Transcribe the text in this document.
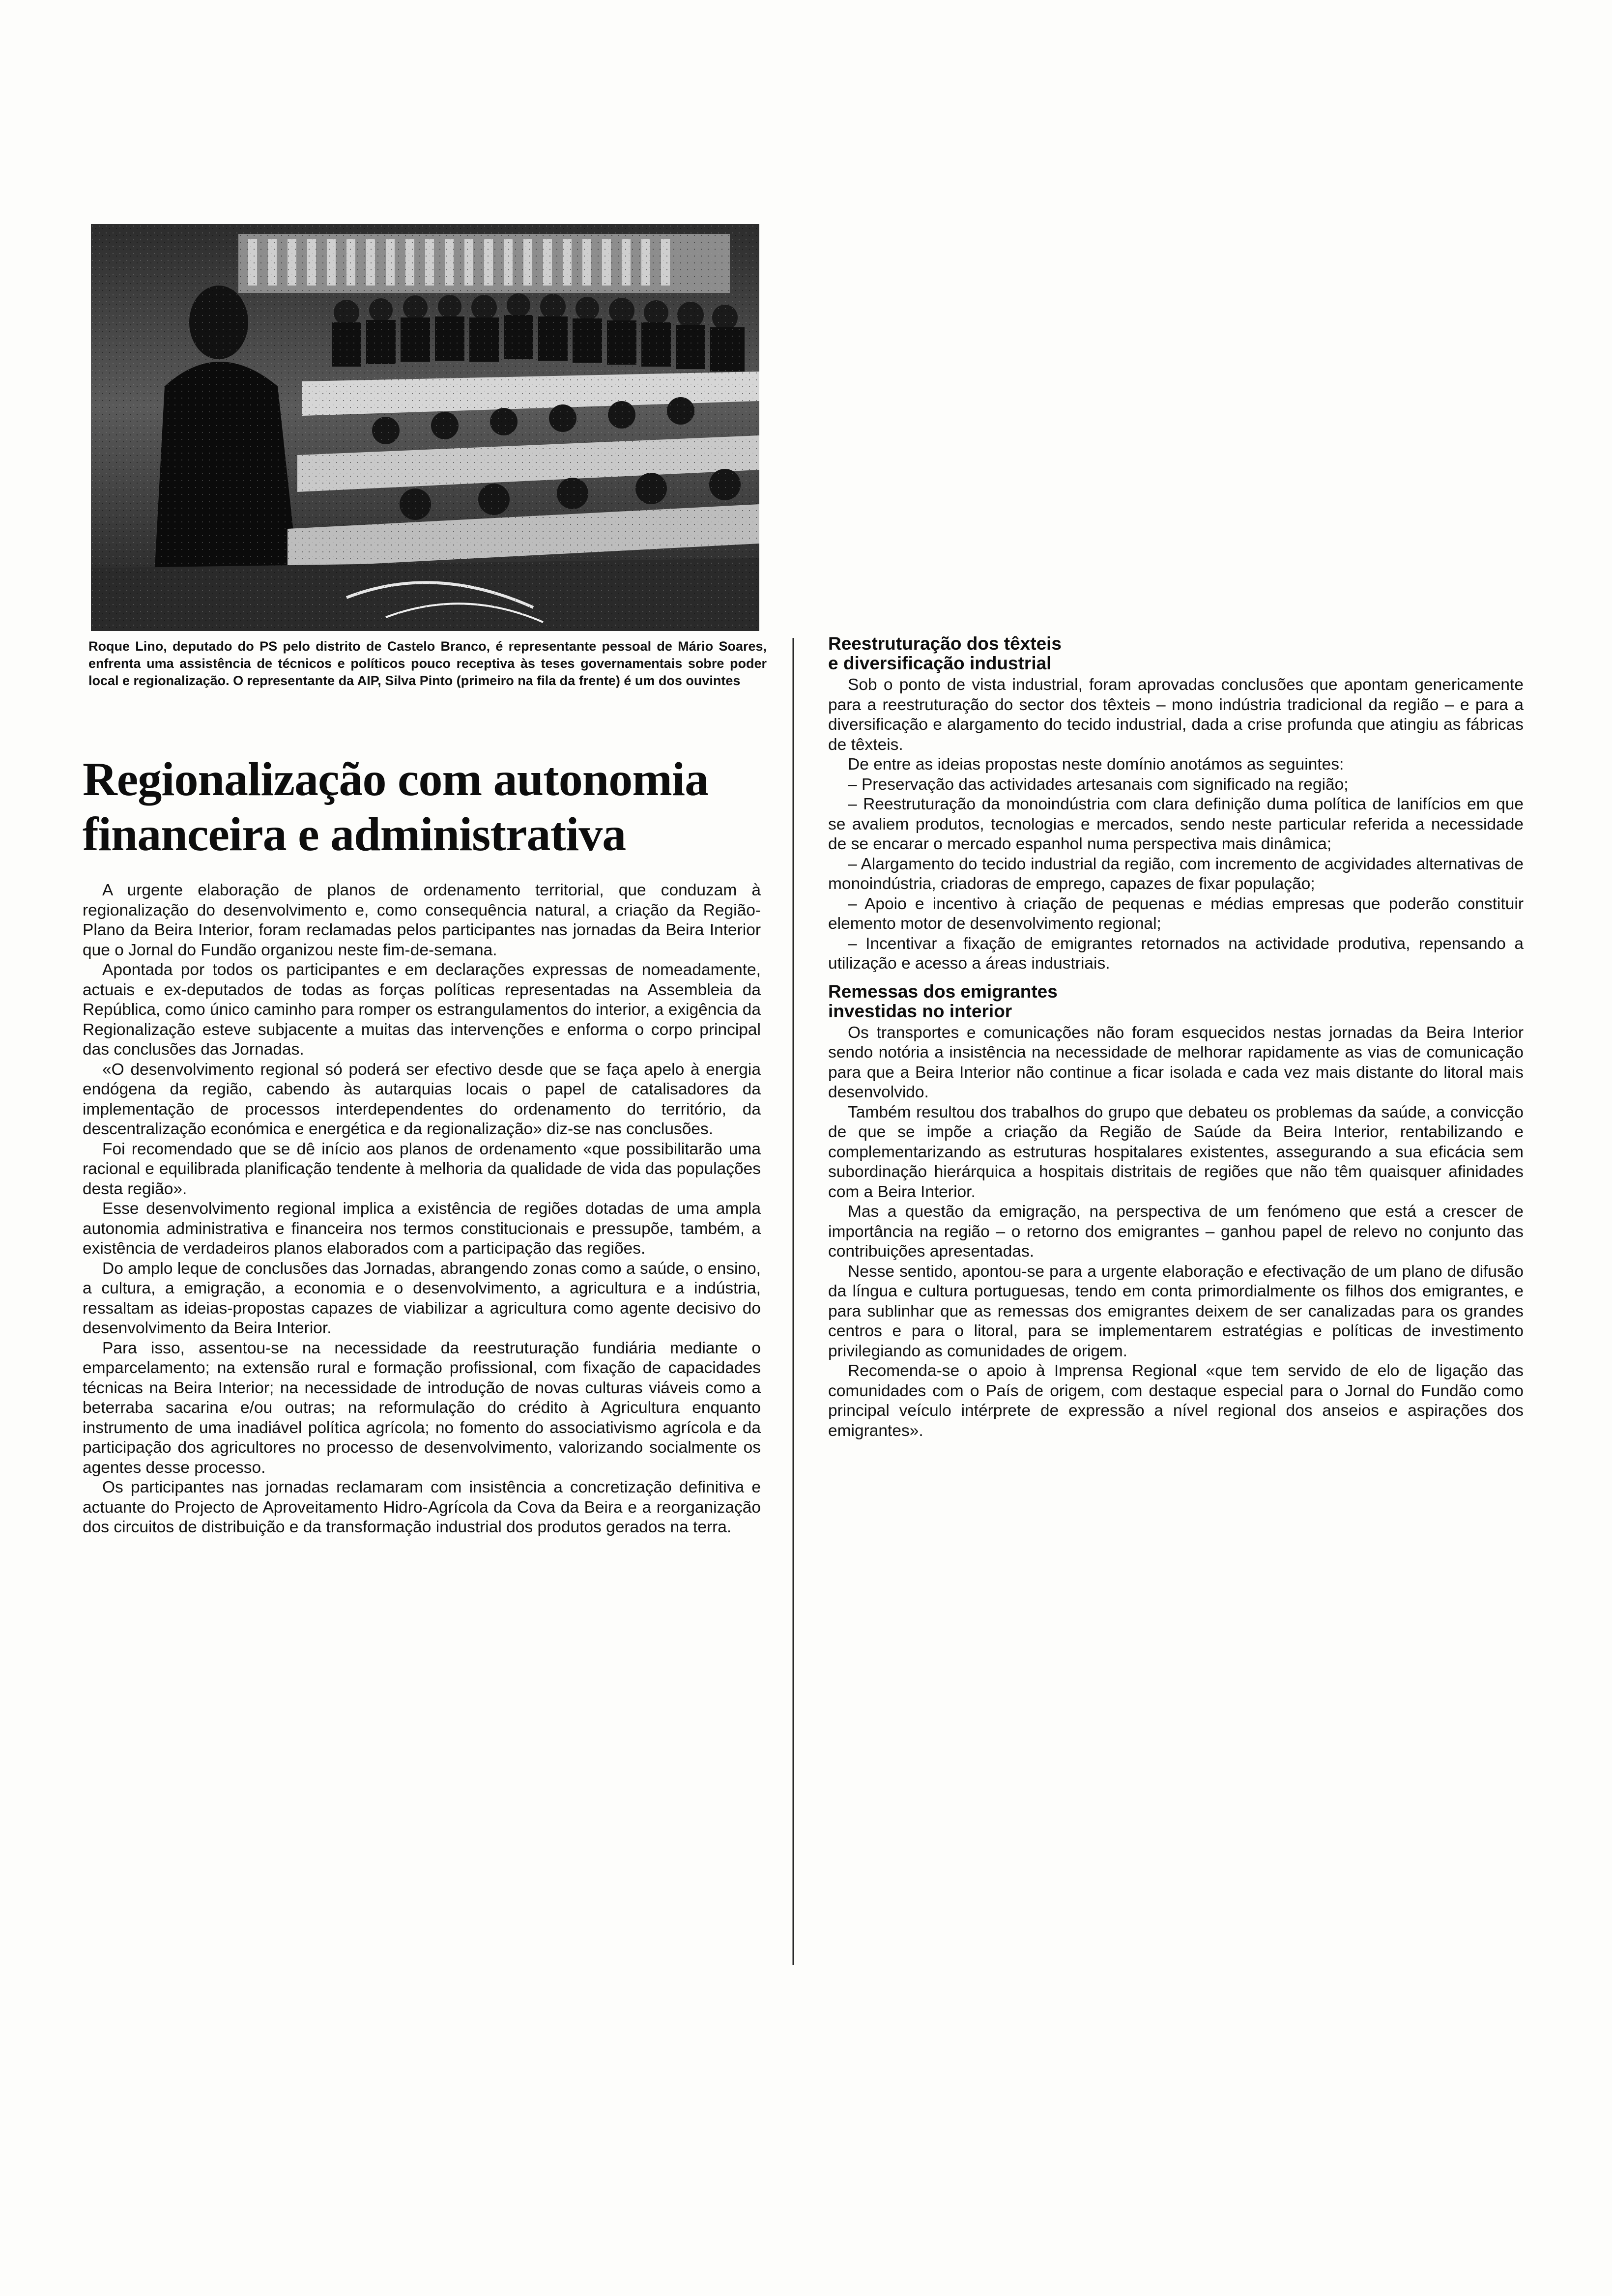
Roque Lino, deputado do PS pelo distrito de Castelo Branco, é representante pessoal de Mário Soares, enfrenta uma assistência de técnicos e políticos pouco receptiva às teses governamentais sobre poder local e regionalização. O representante da AIP, Silva Pinto (primeiro na fila da frente) é um dos ouvintes

Regionalização com autonomia
financeira e administrativa

A urgente elaboração de planos de ordenamento territorial, que conduzam à regionalização do desenvolvimento e, como consequência natural, a criação da Região-Plano da Beira Interior, foram reclamadas pelos participantes nas jornadas da Beira Interior que o Jornal do Fundão organizou neste fim-de-semana.

Apontada por todos os participantes e em declarações expressas de nomeadamente, actuais e ex-deputados de todas as forças políticas representadas na Assembleia da República, como único caminho para romper os estrangulamentos do interior, a exigência da Regionalização esteve subjacente a muitas das intervenções e enforma o corpo principal das conclusões das Jornadas.

«O desenvolvimento regional só poderá ser efectivo desde que se faça apelo à energia endógena da região, cabendo às autarquias locais o papel de catalisadores da implementação de processos interdependentes do ordenamento do território, da descentralização económica e energética e da regionalização» diz-se nas conclusões.

Foi recomendado que se dê início aos planos de ordenamento «que possibilitarão uma racional e equilibrada planificação tendente à melhoria da qualidade de vida das populações desta região».

Esse desenvolvimento regional implica a existência de regiões dotadas de uma ampla autonomia administrativa e financeira nos termos constitucionais e pressupõe, também, a existência de verdadeiros planos elaborados com a participação das regiões.

Do amplo leque de conclusões das Jornadas, abrangendo zonas como a saúde, o ensino, a cultura, a emigração, a economia e o desenvolvimento, a agricultura e a indústria, ressaltam as ideias-propostas capazes de viabilizar a agricultura como agente decisivo do desenvolvimento da Beira Interior.

Para isso, assentou-se na necessidade da reestruturação fundiária mediante o emparcelamento; na extensão rural e formação profissional, com fixação de capacidades técnicas na Beira Interior; na necessidade de introdução de novas culturas viáveis como a beterraba sacarina e/ou outras; na reformulação do crédito à Agricultura enquanto instrumento de uma inadiável política agrícola; no fomento do associativismo agrícola e da participação dos agricultores no processo de desenvolvimento, valorizando socialmente os agentes desse processo.

Os participantes nas jornadas reclamaram com insistência a concretização definitiva e actuante do Projecto de Aproveitamento Hidro-Agrícola da Cova da Beira e a reorganização dos circuitos de distribuição e da transformação industrial dos produtos gerados na terra.

Reestruturação dos têxteis
e diversificação industrial

Sob o ponto de vista industrial, foram aprovadas conclusões que apontam genericamente para a reestruturação do sector dos têxteis – mono indústria tradicional da região – e para a diversificação e alargamento do tecido industrial, dada a crise profunda que atingiu as fábricas de têxteis.

De entre as ideias propostas neste domínio anotámos as seguintes:

– Preservação das actividades artesanais com significado na região;

– Reestruturação da monoindústria com clara definição duma política de lanifícios em que se avaliem produtos, tecnologias e mercados, sendo neste particular referida a necessidade de se encarar o mercado espanhol numa perspectiva mais dinâmica;

– Alargamento do tecido industrial da região, com incremento de acgividades alternativas de monoindústria, criadoras de emprego, capazes de fixar população;

– Apoio e incentivo à criação de pequenas e médias empresas que poderão constituir elemento motor de desenvolvimento regional;

– Incentivar a fixação de emigrantes retornados na actividade produtiva, repensando a utilização e acesso a áreas industriais.

Remessas dos emigrantes
investidas no interior

Os transportes e comunicações não foram esquecidos nestas jornadas da Beira Interior sendo notória a insistência na necessidade de melhorar rapidamente as vias de comunicação para que a Beira Interior não continue a ficar isolada e cada vez mais distante do litoral mais desenvolvido.

Também resultou dos trabalhos do grupo que debateu os problemas da saúde, a convicção de que se impõe a criação da Região de Saúde da Beira Interior, rentabilizando e complementarizando as estruturas hospitalares existentes, assegurando a sua eficácia sem subordinação hierárquica a hospitais distritais de regiões que não têm quaisquer afinidades com a Beira Interior.

Mas a questão da emigração, na perspectiva de um fenómeno que está a crescer de importância na região – o retorno dos emigrantes – ganhou papel de relevo no conjunto das contribuições apresentadas.

Nesse sentido, apontou-se para a urgente elaboração e efectivação de um plano de difusão da língua e cultura portuguesas, tendo em conta primordialmente os filhos dos emigrantes, e para sublinhar que as remessas dos emigrantes deixem de ser canalizadas para os grandes centros e para o litoral, para se implementarem estratégias e políticas de investimento privilegiando as comunidades de origem.

Recomenda-se o apoio à Imprensa Regional «que tem servido de elo de ligação das comunidades com o País de origem, com destaque especial para o Jornal do Fundão como principal veículo intérprete de expressão a nível regional dos anseios e aspirações dos emigrantes».
